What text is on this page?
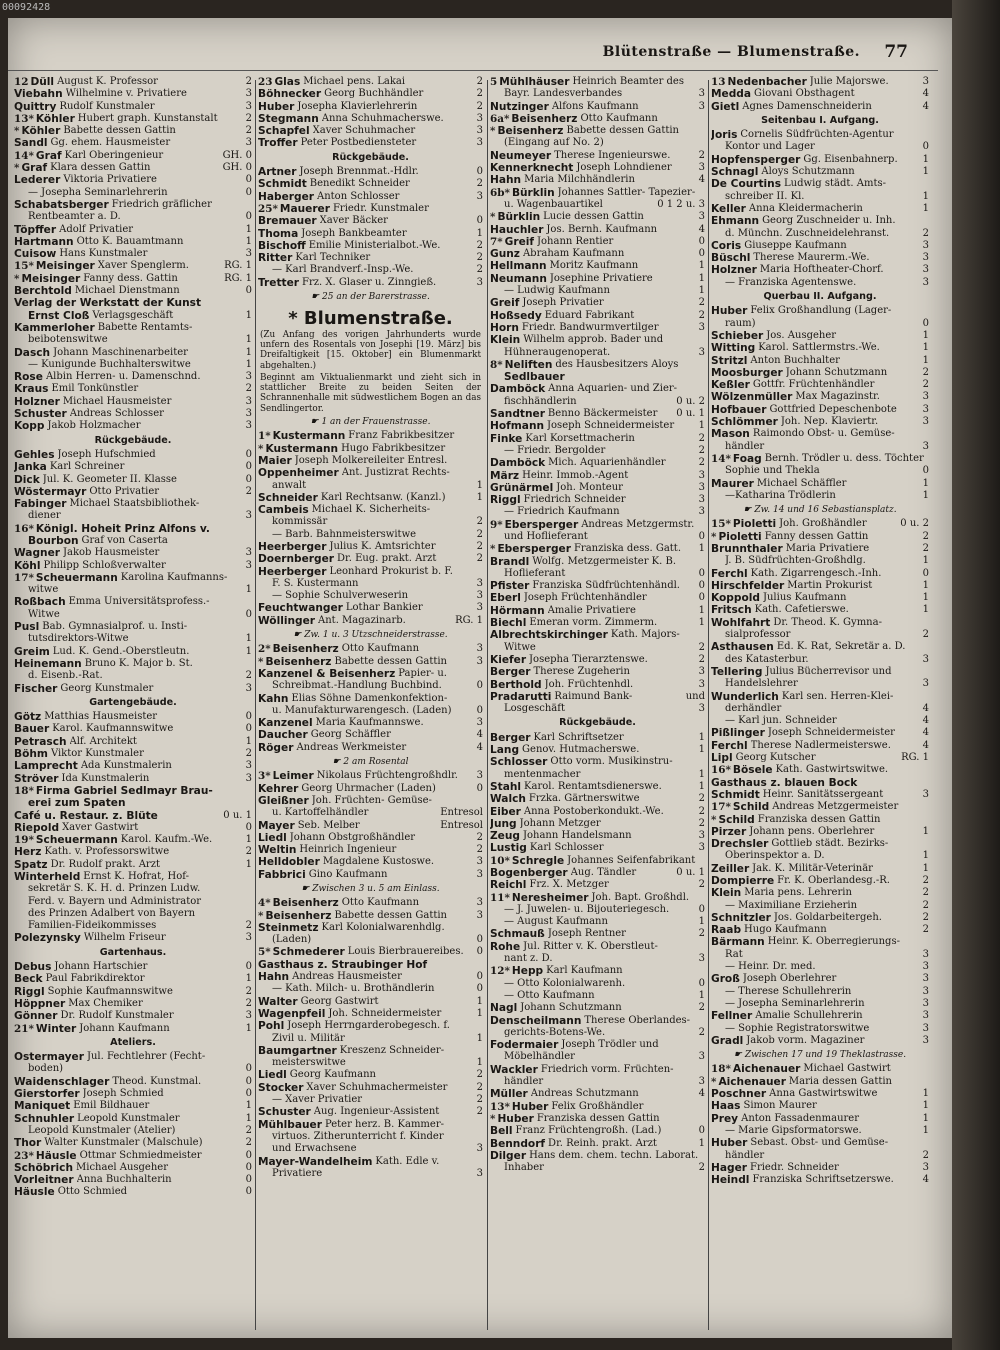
00092428
Blütenstraße — Blumenstraße. 77
12 Düll August K. Professor	2
Viebahn Wilhelmine v. Privatiere	3
Quittry Rudolf Kunstmaler	3
13* Köhler Hubert graph. Kunstanstalt	2
* Köhler Babette dessen Gattin	2
Sandl Gg. ehem. Hausmeister	3
14* Graf Karl Oberingenieur	GH. 0
* Graf Klara dessen Gattin	GH. 0
Lederer Viktoria Privatiere	0
— Josepha Seminarlehrerin	0
Schabatsberger Friedrich gräflicher
Rentbeamter a. D.	0
Töpffer Adolf Privatier	1
Hartmann Otto K. Bauamtmann	1
Cuisow Hans Kunstmaler	3
15* Meisinger Xaver Spenglerm.	RG. 1
* Meisinger Fanny dess. Gattin	RG. 1
Berchtold Michael Dienstmann	0
Verlag der Werkstatt der Kunst
Ernst Cloß Verlagsgeschäft	1
Kammerloher Babette Rentamts-
beibotenswitwe	1
Dasch Johann Maschinenarbeiter	1
— Kunigunde Buchhalterswitwe	1
Rose Albin Herren- u. Damenschnd.	3
Kraus Emil Tonkünstler	2
Holzner Michael Hausmeister	3
Schuster Andreas Schlosser	3
Kopp Jakob Holzmacher	3
Rückgebäude.
Gehles Joseph Hufschmied	0
Janka Karl Schreiner	0
Dick Jul. K. Geometer II. Klasse	0
Wöstermayr Otto Privatier	2
Fabinger Michael Staatsbibliothek-
diener	3
16* Königl. Hoheit Prinz Alfons v.
Bourbon Graf von Caserta
Wagner Jakob Hausmeister	3
Köhl Philipp Schloßverwalter	3
17* Scheuermann Karolina Kaufmanns-
witwe	1
Roßbach Emma Universitätsprofess.-
Witwe	0
Pusl Bab. Gymnasialprof. u. Insti-
tutsdirektors-Witwe	1
Greim Lud. K. Gend.-Oberstleutn.	1
Heinemann Bruno K. Major b. St.
d. Eisenb.-Rat.	2
Fischer Georg Kunstmaler	3
Gartengebäude.
Götz Matthias Hausmeister	0
Bauer Karol. Kaufmannswitwe	0
Petrasch Alf. Architekt	1
Böhm Viktor Kunstmaler	2
Lamprecht Ada Kunstmalerin	3
Ströver Ida Kunstmalerin	3
18* Firma Gabriel Sedlmayr Brau-
erei zum Spaten
Café u. Restaur. z. Blüte	0 u. 1
Riepold Xaver Gastwirt	0
19* Scheuermann Karol. Kaufm.-We.	1
Herz Kath. v. Professorswitwe	2
Spatz Dr. Rudolf prakt. Arzt	1
Winterheld Ernst K. Hofrat, Hof-
sekretär S. K. H. d. Prinzen Ludw.
Ferd. v. Bayern und Administrator
des Prinzen Adalbert von Bayern
Familien-Fideikommisses	2
Polezynsky Wilhelm Friseur	3
Gartenhaus.
Debus Johann Hartschier	0
Beck Paul Fabrikdirektor	1
Riggl Sophie Kaufmannswitwe	2
Höppner Max Chemiker	2
Gönner Dr. Rudolf Kunstmaler	3
21* Winter Johann Kaufmann	1
Ateliers.
Ostermayer Jul. Fechtlehrer (Fecht-
boden)	0
Waidenschlager Theod. Kunstmal.	0
Gierstorfer Joseph Schmied	0
Maniquet Emil Bildhauer	1
Schnuhler Leopold Kunstmaler	1
Leopold Kunstmaler (Atelier)	2
Thor Walter Kunstmaler (Malschule)	2
23* Häusle Ottmar Schmiedmeister	0
Schöbrich Michael Ausgeher	0
Vorleitner Anna Buchhalterin	0
Häusle Otto Schmied	0
23 Glas Michael pens. Lakai	2
Böhnecker Georg Buchhändler	2
Huber Josepha Klavierlehrerin	2
Stegmann Anna Schuhmacherswe.	3
Schapfel Xaver Schuhmacher	3
Troffer Peter Postbediensteter	3
Rückgebäude.
Artner Joseph Brennmat.-Hdlr.	0
Schmidt Benedikt Schneider	2
Haberger Anton Schlosser	3
25* Mauerer Friedr. Kunstmaler
Bremauer Xaver Bäcker	0
Thoma Joseph Bankbeamter	1
Bischoff Emilie Ministerialbot.-We.	2
Ritter Karl Techniker	2
— Karl Brandverf.-Insp.-We.	2
Tretter Frz. X. Glaser u. Zinngieß.	3
☛ 25 an der Barerstrasse.
* Blumenstraße.
(Zu Anfang des vorigen Jahrhunderts wurde unfern des Rosentals von Josephi [19. März] bis Dreifaltigkeit [15. Oktober] ein Blumenmarkt abgehalten.)
Beginnt am Viktualienmarkt und zieht sich in stattlicher Breite zu beiden Seiten der Schrannenhalle mit südwestlichem Bogen an das Sendlingertor.
☛ 1 an der Frauenstrasse.
1* Kustermann Franz Fabrikbesitzer
* Kustermann Hugo Fabrikbesitzer
Maier Joseph Molkereileiter Entresl.
Oppenheimer Ant. Justizrat Rechts-
anwalt	1
Schneider Karl Rechtsanw. (Kanzl.)	1
Cambeis Michael K. Sicherheits-
kommissär	2
— Barb. Bahnmeisterswitwe	2
Heerberger Julius K. Amtsrichter	2
Doernberger Dr. Eug. prakt. Arzt	2
Heerberger Leonhard Prokurist b. F.
F. S. Kustermann	3
— Sophie Schulverweserin	3
Feuchtwanger Lothar Bankier	3
Wöllinger Ant. Magazinarb.	RG. 1
☛ Zw. 1 u. 3 Utzschneiderstrasse.
2* Beisenherz Otto Kaufmann	3
* Beisenherz Babette dessen Gattin	3
Kanzenel & Beisenherz Papier- u.
Schreibmat.-Handlung Buchbind.	0
Kahn Elias Söhne Damenkonfektion-
u. Manufakturwarengesch. (Laden)	0
Kanzenel Maria Kaufmannswe.	3
Daucher Georg Schäffler	4
Röger Andreas Werkmeister	4
☛ 2 am Rosental
3* Leimer Nikolaus Früchtengroßhdlr.	3
Kehrer Georg Uhrmacher (Laden)	0
Gleißner Joh. Früchten- Gemüse-
u. Kartoffelhändler	Entresol
Mayer Seb. Melber	Entresol
Liedl Johann Obstgroßhändler	2
Weltin Heinrich Ingenieur	2
Helldobler Magdalene Kustoswe.	3
Fabbrici Gino Kaufmann	3
☛ Zwischen 3 u. 5 am Einlass.
4* Beisenherz Otto Kaufmann	3
* Beisenherz Babette dessen Gattin	3
Steinmetz Karl Kolonialwarenhdlg.
(Laden)	0
5* Schmederer Louis Bierbrauereibes.	0
Gasthaus z. Straubinger Hof
Hahn Andreas Hausmeister	0
— Kath. Milch- u. Brothändlerin	0
Walter Georg Gastwirt	1
Wagenpfeil Joh. Schneidermeister	1
Pohl Joseph Herrngarderobegesch. f.
Zivil u. Militär	1
Baumgartner Kreszenz Schneider-
meisterswitwe	1
Liedl Georg Kaufmann	2
Stocker Xaver Schuhmachermeister	2
— Xaver Privatier	2
Schuster Aug. Ingenieur-Assistent	2
Mühlbauer Peter herz. B. Kammer-
virtuos. Zitherunterricht f. Kinder
und Erwachsene	3
Mayer-Wandelheim Kath. Edle v.
Privatiere	3
5 Mühlhäuser Heinrich Beamter des
Bayr. Landesverbandes	3
Nutzinger Alfons Kaufmann	3
6a* Beisenherz Otto Kaufmann
* Beisenherz Babette dessen Gattin
(Eingang auf No. 2)
Neumeyer Therese Ingenieurswe.	2
Kennerknecht Joseph Lohndiener	3
Hahn Maria Milchhändlerin	4
6b* Bürklin Johannes Sattler- Tapezier-
u. Wagenbauartikel	0 1 2 u. 3
* Bürklin Lucie dessen Gattin	3
Hauchler Jos. Bernh. Kaufmann	4
7* Greif Johann Rentier	0
Gunz Abraham Kaufmann	0
Hellmann Moritz Kaufmann	1
Neumann Josephine Privatiere	1
— Ludwig Kaufmann	1
Greif Joseph Privatier	2
Hoßsedy Eduard Fabrikant	2
Horn Friedr. Bandwurmvertilger	3
Klein Wilhelm approb. Bader und
Hühneraugenoperat.	3
8* Neliften des Hausbesitzers Aloys
Sedlbauer
Damböck Anna Aquarien- und Zier-
fischhändlerin	0 u. 2
Sandtner Benno Bäckermeister	0 u. 1
Hofmann Joseph Schneidermeister	1
Finke Karl Korsettmacherin	2
— Friedr. Bergolder	2
Damböck Mich. Aquarienhändler	2
März Heinr. Immob.-Agent	3
Grünärmel Joh. Monteur	3
Riggl Friedrich Schneider	3
— Friedrich Kaufmann	3
9* Ebersperger Andreas Metzgermstr.
und Hoflieferant	0
* Ebersperger Franziska dess. Gatt.	1
Brandl Wolfg. Metzgermeister K. B.
Hoflieferant	0
Pfister Franziska Südfrüchtenhändl.	0
Eberl Joseph Früchtenhändler	0
Hörmann Amalie Privatiere	1
Biechl Emeran vorm. Zimmerm.	1
Albrechtskirchinger Kath. Majors-
Witwe	2
Kiefer Josepha Tierarztenswe.	2
Berger Therese Zugeherin	3
Berthold Joh. Früchtenhdl.	3
Pradarutti Raimund Bank-	und
Losgeschäft	3
Rückgebäude.
Berger Karl Schriftsetzer	1
Lang Genov. Hutmacherswe.	1
Schlosser Otto vorm. Musikinstru-
mentenmacher	1
Stahl Karol. Rentamtsdienerswe.	1
Walch Frzka. Gärtnerswitwe	2
Eiber Anna Postoberkondukt.-We.	2
Jung Johann Metzger	2
Zeug Johann Handelsmann	3
Lustig Karl Schlosser	3
10* Schregle Johannes Seifenfabrikant
Bogenberger Aug. Tändler	0 u. 1
Reichl Frz. X. Metzger	2
11* Neresheimer Joh. Bapt. Großhdl.
— J. Juwelen- u. Bijouteriegesch.	0
— August Kaufmann	1
Schmauß Joseph Rentner	2
Rohe Jul. Ritter v. K. Oberstleut-
nant z. D.	3
12* Hepp Karl Kaufmann
— Otto Kolonialwarenh.	0
— Otto Kaufmann	1
Nagl Johann Schutzmann	2
Denscheilmann Therese Oberlandes-
gerichts-Botens-We.	2
Fodermaier Joseph Trödler und
Möbelhändler	3
Wackler Friedrich vorm. Früchten-
händler	3
Müller Andreas Schutzmann	4
13* Huber Felix Großhändler
* Huber Franziska dessen Gattin
Bell Franz Früchtengroßh. (Lad.)	0
Benndorf Dr. Reinh. prakt. Arzt	1
Dilger Hans dem. chem. techn. Laborat.
Inhaber	2
13 Nedenbacher Julie Majorswe.	3
Medda Giovani Obsthagent	4
Gietl Agnes Damenschneiderin	4
Seitenbau I. Aufgang.
Joris Cornelis Südfrüchten-Agentur
Kontor und Lager	0
Hopfensperger Gg. Eisenbahnerp.	1
Schnagl Aloys Schutzmann	1
De Courtins Ludwig städt. Amts-
schreiber II. Kl.	1
Keller Anna Kleidermacherin	1
Ehmann Georg Zuschneider u. Inh.
d. Münchn. Zuschneidelehranst.	2
Coris Giuseppe Kaufmann	3
Büschl Therese Maurerm.-We.	3
Holzner Maria Hoftheater-Chorf.	3
— Franziska Agentenswe.	3
Querbau II. Aufgang.
Huber Felix Großhandlung (Lager-
raum)	0
Schieber Jos. Ausgeher	1
Witting Karol. Sattlermstrs.-We.	1
Stritzl Anton Buchhalter	1
Moosburger Johann Schutzmann	2
Keßler Gottfr. Früchtenhändler	2
Wölzenmüller Max Magazinstr.	3
Hofbauer Gottfried Depeschenbote	3
Schlömmer Joh. Nep. Klaviertr.	3
Mason Raimondo Obst- u. Gemüse-
händler	3
14* Foag Bernh. Trödler u. dess. Töchter
Sophie und Thekla	0
Maurer Michael Schäffler	1
—Katharina Trödlerin	1
☛ Zw. 14 und 16 Sebastiansplatz.
15* Pioletti Joh. Großhändler	0 u. 2
* Pioletti Fanny dessen Gattin	2
Brunnthaler Maria Privatiere	2
J. B. Südfrüchten-Großhdlg.	1
Ferchl Kath. Zigarrengesch.-Inh.	0
Hirschfelder Martin Prokurist	1
Koppold Julius Kaufmann	1
Fritsch Kath. Cafetierswe.	1
Wohlfahrt Dr. Theod. K. Gymna-
sialprofessor	2
Asthausen Ed. K. Rat, Sekretär a. D.
des Katasterbur.	3
Tellering Julius Bücherrevisor und
Handelslehrer	3
Wunderlich Karl sen. Herren-Klei-
derhändler	4
— Karl jun. Schneider	4
Pißlinger Joseph Schneidermeister	4
Ferchl Therese Nadlermeisterswe.	4
Lipl Georg Kutscher	RG. 1
16* Bösele Kath. Gastwirtswitwe.
Gasthaus z. blauen Bock
Schmidt Heinr. Sanitätssergeant	3
17* Schild Andreas Metzgermeister
* Schild Franziska dessen Gattin
Pirzer Johann pens. Oberlehrer	1
Drechsler Gottlieb städt. Bezirks-
Oberinspektor a. D.	1
Zeiller Jak. K. Militär-Veterinär	1
Dompierre Fr. K. Oberlandesg.-R.	2
Klein Maria pens. Lehrerin	2
— Maximiliane Erzieherin	2
Schnitzler Jos. Goldarbeitergeh.	2
Raab Hugo Kaufmann	2
Bärmann Heinr. K. Oberregierungs-
Rat	3
— Heinr. Dr. med.	3
Groß Joseph Oberlehrer	3
— Therese Schullehrerin	3
— Josepha Seminarlehrerin	3
Fellner Amalie Schullehrerin	3
— Sophie Registratorswitwe	3
Gradl Jakob vorm. Magaziner	3
☛ Zwischen 17 und 19 Theklastrasse.
18* Aichenauer Michael Gastwirt
* Aichenauer Maria dessen Gattin
Poschner Anna Gastwirtswitwe	1
Haas Simon Maurer	1
Prey Anton Fassadenmaurer	1
— Marie Gipsformatorswe.	1
Huber Sebast. Obst- und Gemüse-
händler	2
Hager Friedr. Schneider	3
Heindl Franziska Schriftsetzerswe.	4
